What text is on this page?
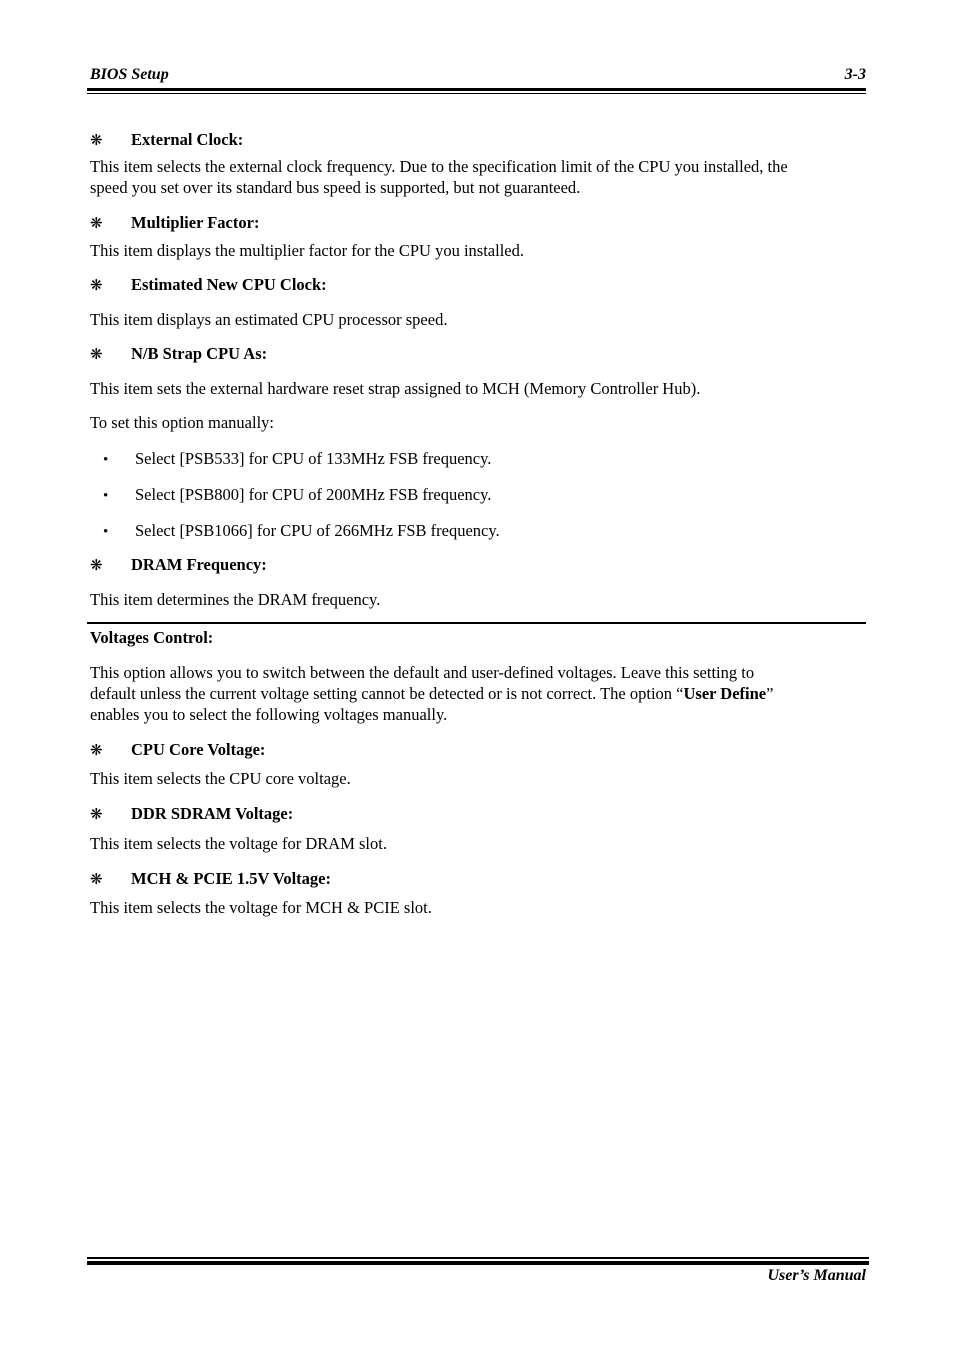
BIOS Setup	3-3
❋ External Clock:
This item selects the external clock frequency. Due to the specification limit of the CPU you installed, the
speed you set over its standard bus speed is supported, but not guaranteed.
❋ Multiplier Factor:
This item displays the multiplier factor for the CPU you installed.
❋ Estimated New CPU Clock:
This item displays an estimated CPU processor speed.
❋ N/B Strap CPU As:
This item sets the external hardware reset strap assigned to MCH (Memory Controller Hub).
To set this option manually:
• Select [PSB533] for CPU of 133MHz FSB frequency.
• Select [PSB800] for CPU of 200MHz FSB frequency.
• Select [PSB1066] for CPU of 266MHz FSB frequency.
❋ DRAM Frequency:
This item determines the DRAM frequency.
Voltages Control:
This option allows you to switch between the default and user-defined voltages. Leave this setting to
default unless the current voltage setting cannot be detected or is not correct. The option “User Define”
enables you to select the following voltages manually.
❋ CPU Core Voltage:
This item selects the CPU core voltage.
❋ DDR SDRAM Voltage:
This item selects the voltage for DRAM slot.
❋ MCH & PCIE 1.5V Voltage:
This item selects the voltage for MCH & PCIE slot.
User’s Manual
